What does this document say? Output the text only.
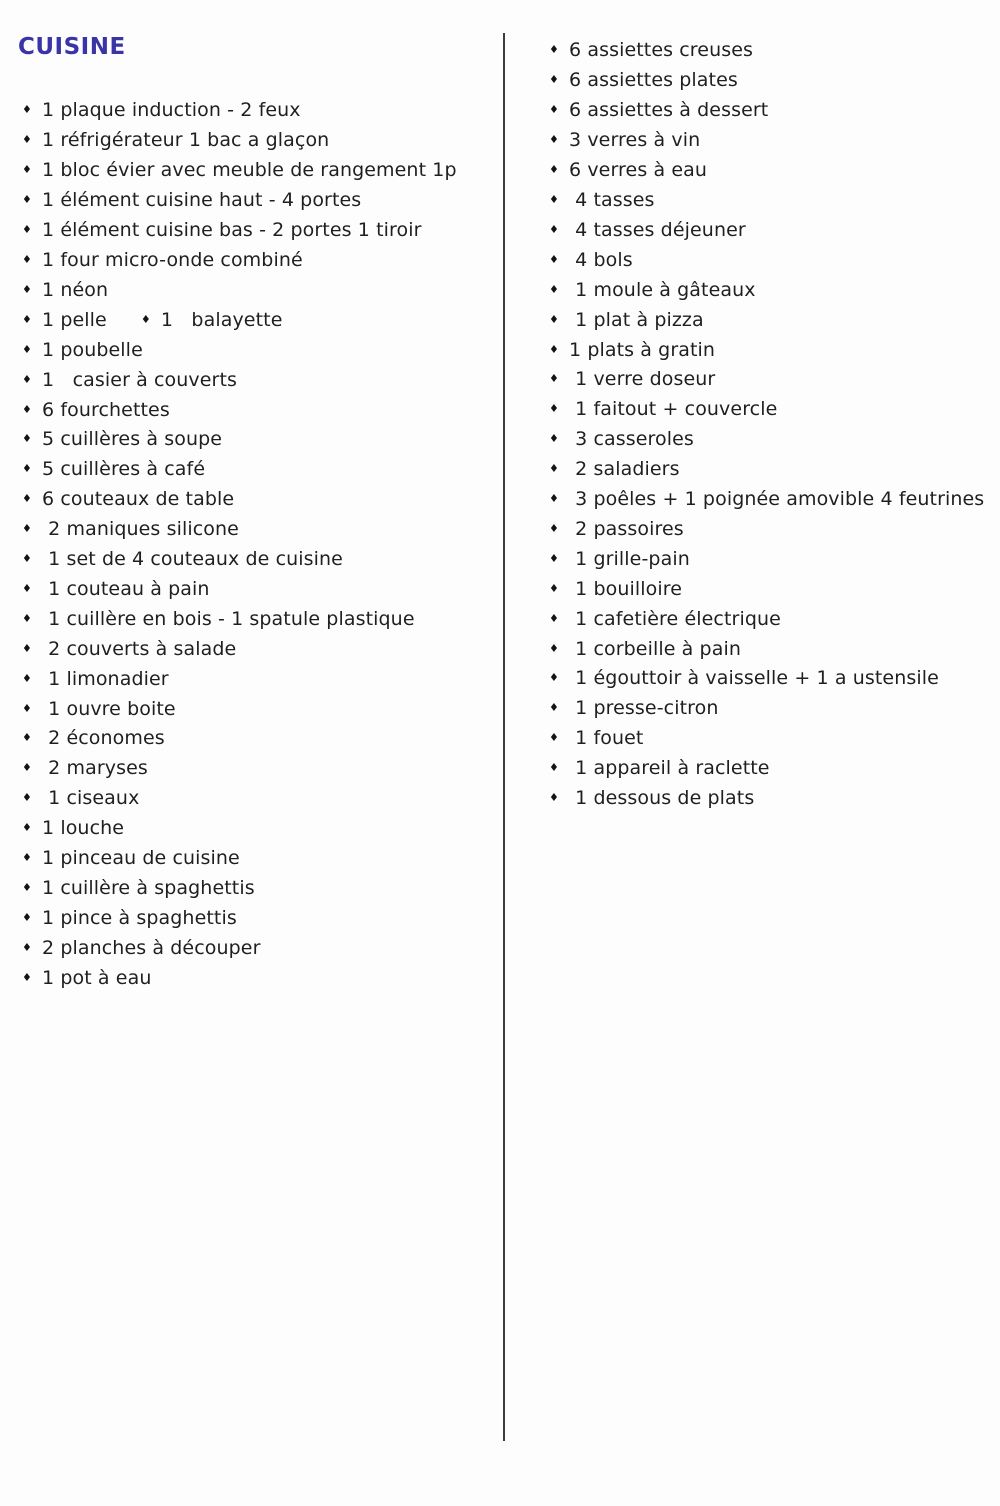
CUISINE
♦ 1 plaque induction - 2 feux
♦ 1 réfrigérateur 1 bac a glaçon
♦ 1 bloc évier avec meuble de rangement 1p
♦ 1 élément cuisine haut - 4 portes
♦ 1 élément cuisine bas - 2 portes 1 tiroir
♦ 1 four micro-onde combiné
♦ 1 néon
♦ 1 pelle	♦ 1   balayette
♦ 1 poubelle
♦ 1   casier à couverts
♦ 6 fourchettes
♦ 5 cuillères à soupe
♦ 5 cuillères à café
♦ 6 couteaux de table
♦ 2 maniques silicone
♦ 1 set de 4 couteaux de cuisine
♦ 1 couteau à pain
♦ 1 cuillère en bois - 1 spatule plastique
♦ 2 couverts à salade
♦ 1 limonadier
♦ 1 ouvre boite
♦ 2 économes
♦ 2 maryses
♦ 1 ciseaux
♦ 1 louche
♦ 1 pinceau de cuisine
♦ 1 cuillère à spaghettis
♦ 1 pince à spaghettis
♦ 2 planches à découper
♦ 1 pot à eau
♦ 6 assiettes creuses
♦ 6 assiettes plates
♦ 6 assiettes à dessert
♦ 3 verres à vin
♦ 6 verres à eau
♦ 4 tasses
♦ 4 tasses déjeuner
♦ 4 bols
♦ 1 moule à gâteaux
♦ 1 plat à pizza
♦ 1 plats à gratin
♦ 1 verre doseur
♦ 1 faitout + couvercle
♦ 3 casseroles
♦ 2 saladiers
♦ 3 poêles + 1 poignée amovible 4 feutrines
♦ 2 passoires
♦ 1 grille-pain
♦ 1 bouilloire
♦ 1 cafetière électrique
♦ 1 corbeille à pain
♦ 1 égouttoir à vaisselle + 1 a ustensile
♦ 1 presse-citron
♦ 1 fouet
♦ 1 appareil à raclette
♦ 1 dessous de plats
